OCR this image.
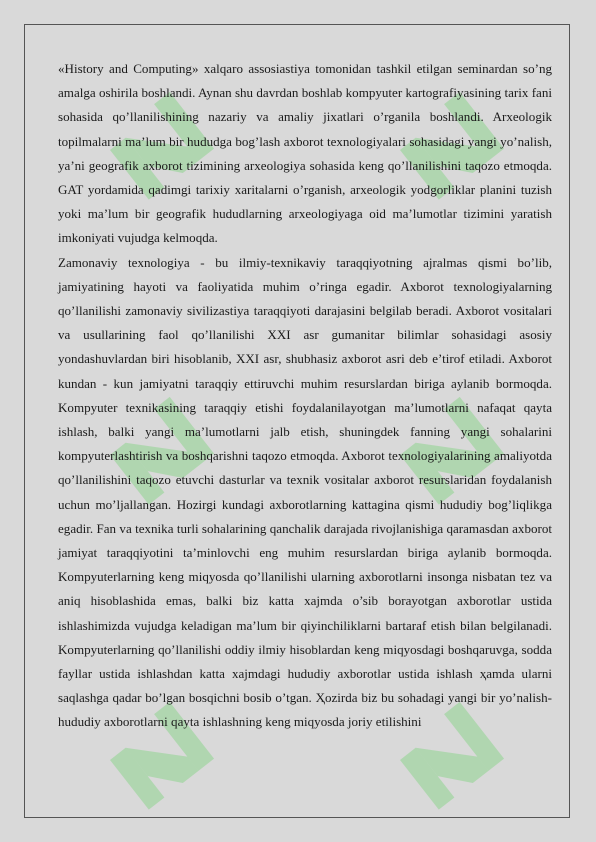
«History and Computing» xalqaro assosiastiya tomonidan tashkil etilgan seminardan so’ng amalga oshirila boshlandi. Aynan shu davrdan boshlab kompyuter kartografiyasining tarix fani sohasida qo’llanilishining nazariy va amaliy jixatlari o’rganila boshlandi. Arxeologik topilmalarni ma’lum bir hududga bog’lash axborot texnologiyalari sohasidagi yangi yo’nalish, ya’ni geografik axborot tizimining arxeologiya sohasida keng qo’llanilishini taqozo etmoqda. GAT yordamida qadimgi tarixiy xaritalarni o’rganish, arxeologik yodgorliklar planini tuzish yoki ma’lum bir geografik hududlarning arxeologiyaga oid ma’lumotlar tizimini yaratish imkoniyati vujudga kelmoqda.

Zamonaviy texnologiya - bu ilmiy-texnikaviy taraqqiyotning ajralmas qismi bo’lib, jamiyatining hayoti va faoliyatida muhim o’ringa egadir. Axborot texnologiyalarning qo’llanilishi zamonaviy sivilizastiya taraqqiyoti darajasini belgilab beradi. Axborot vositalari va usullarining faol qo’llanilishi XXI asr gumanitar bilimlar sohasidagi asosiy yondashuvlardan biri hisoblanib, XXI asr, shubhasiz axborot asri deb e’tirof etiladi. Axborot kundan - kun jamiyatni taraqqiy ettiruvchi muhim resurslardan biriga aylanib bormoqda. Kompyuter texnikasining taraqqiy etishi foydalanilayotgan ma’lumotlarni nafaqat qayta ishlash, balki yangi ma’lumotlarni jalb etish, shuningdek fanning yangi sohalarini kompyuterlashtirish va boshqarishni taqozo etmoqda. Axborot texnologiyalarining amaliyotda qo’llanilishini taqozo etuvchi dasturlar va texnik vositalar axborot resurslaridan foydalanish uchun mo’ljallangan. Hozirgi kundagi axborotlarning kattagina qismi hududiy bog’liqlikga egadir. Fan va texnika turli sohalarining qanchalik darajada rivojlanishiga qaramasdan axborot jamiyat taraqqiyotini ta’minlovchi eng muhim resurslardan biriga aylanib bormoqda. Kompyuterlarning keng miqyosda qo’llanilishi ularning axborotlarni insonga nisbatan tez va aniq hisoblashida emas, balki biz katta xajmda o’sib borayotgan axborotlar ustida ishlashimizda vujudga keladigan ma’lum bir qiyinchiliklarni bartaraf etish bilan belgilanadi. Kompyuterlarning qo’llanilishi oddiy ilmiy hisoblardan keng miqyosdagi boshqaruvga, sodda fayllar ustida ishlashdan katta xajmdagi hududiy axborotlar ustida ishlash ҳamda ularni saqlashga qadar bo’lgan bosqichni bosib o’tgan. Ҳozirda biz bu sohadagi yangi bir yo’nalish-hududiy axborotlarni qayta ishlashning keng miqyosda joriy etilishini
